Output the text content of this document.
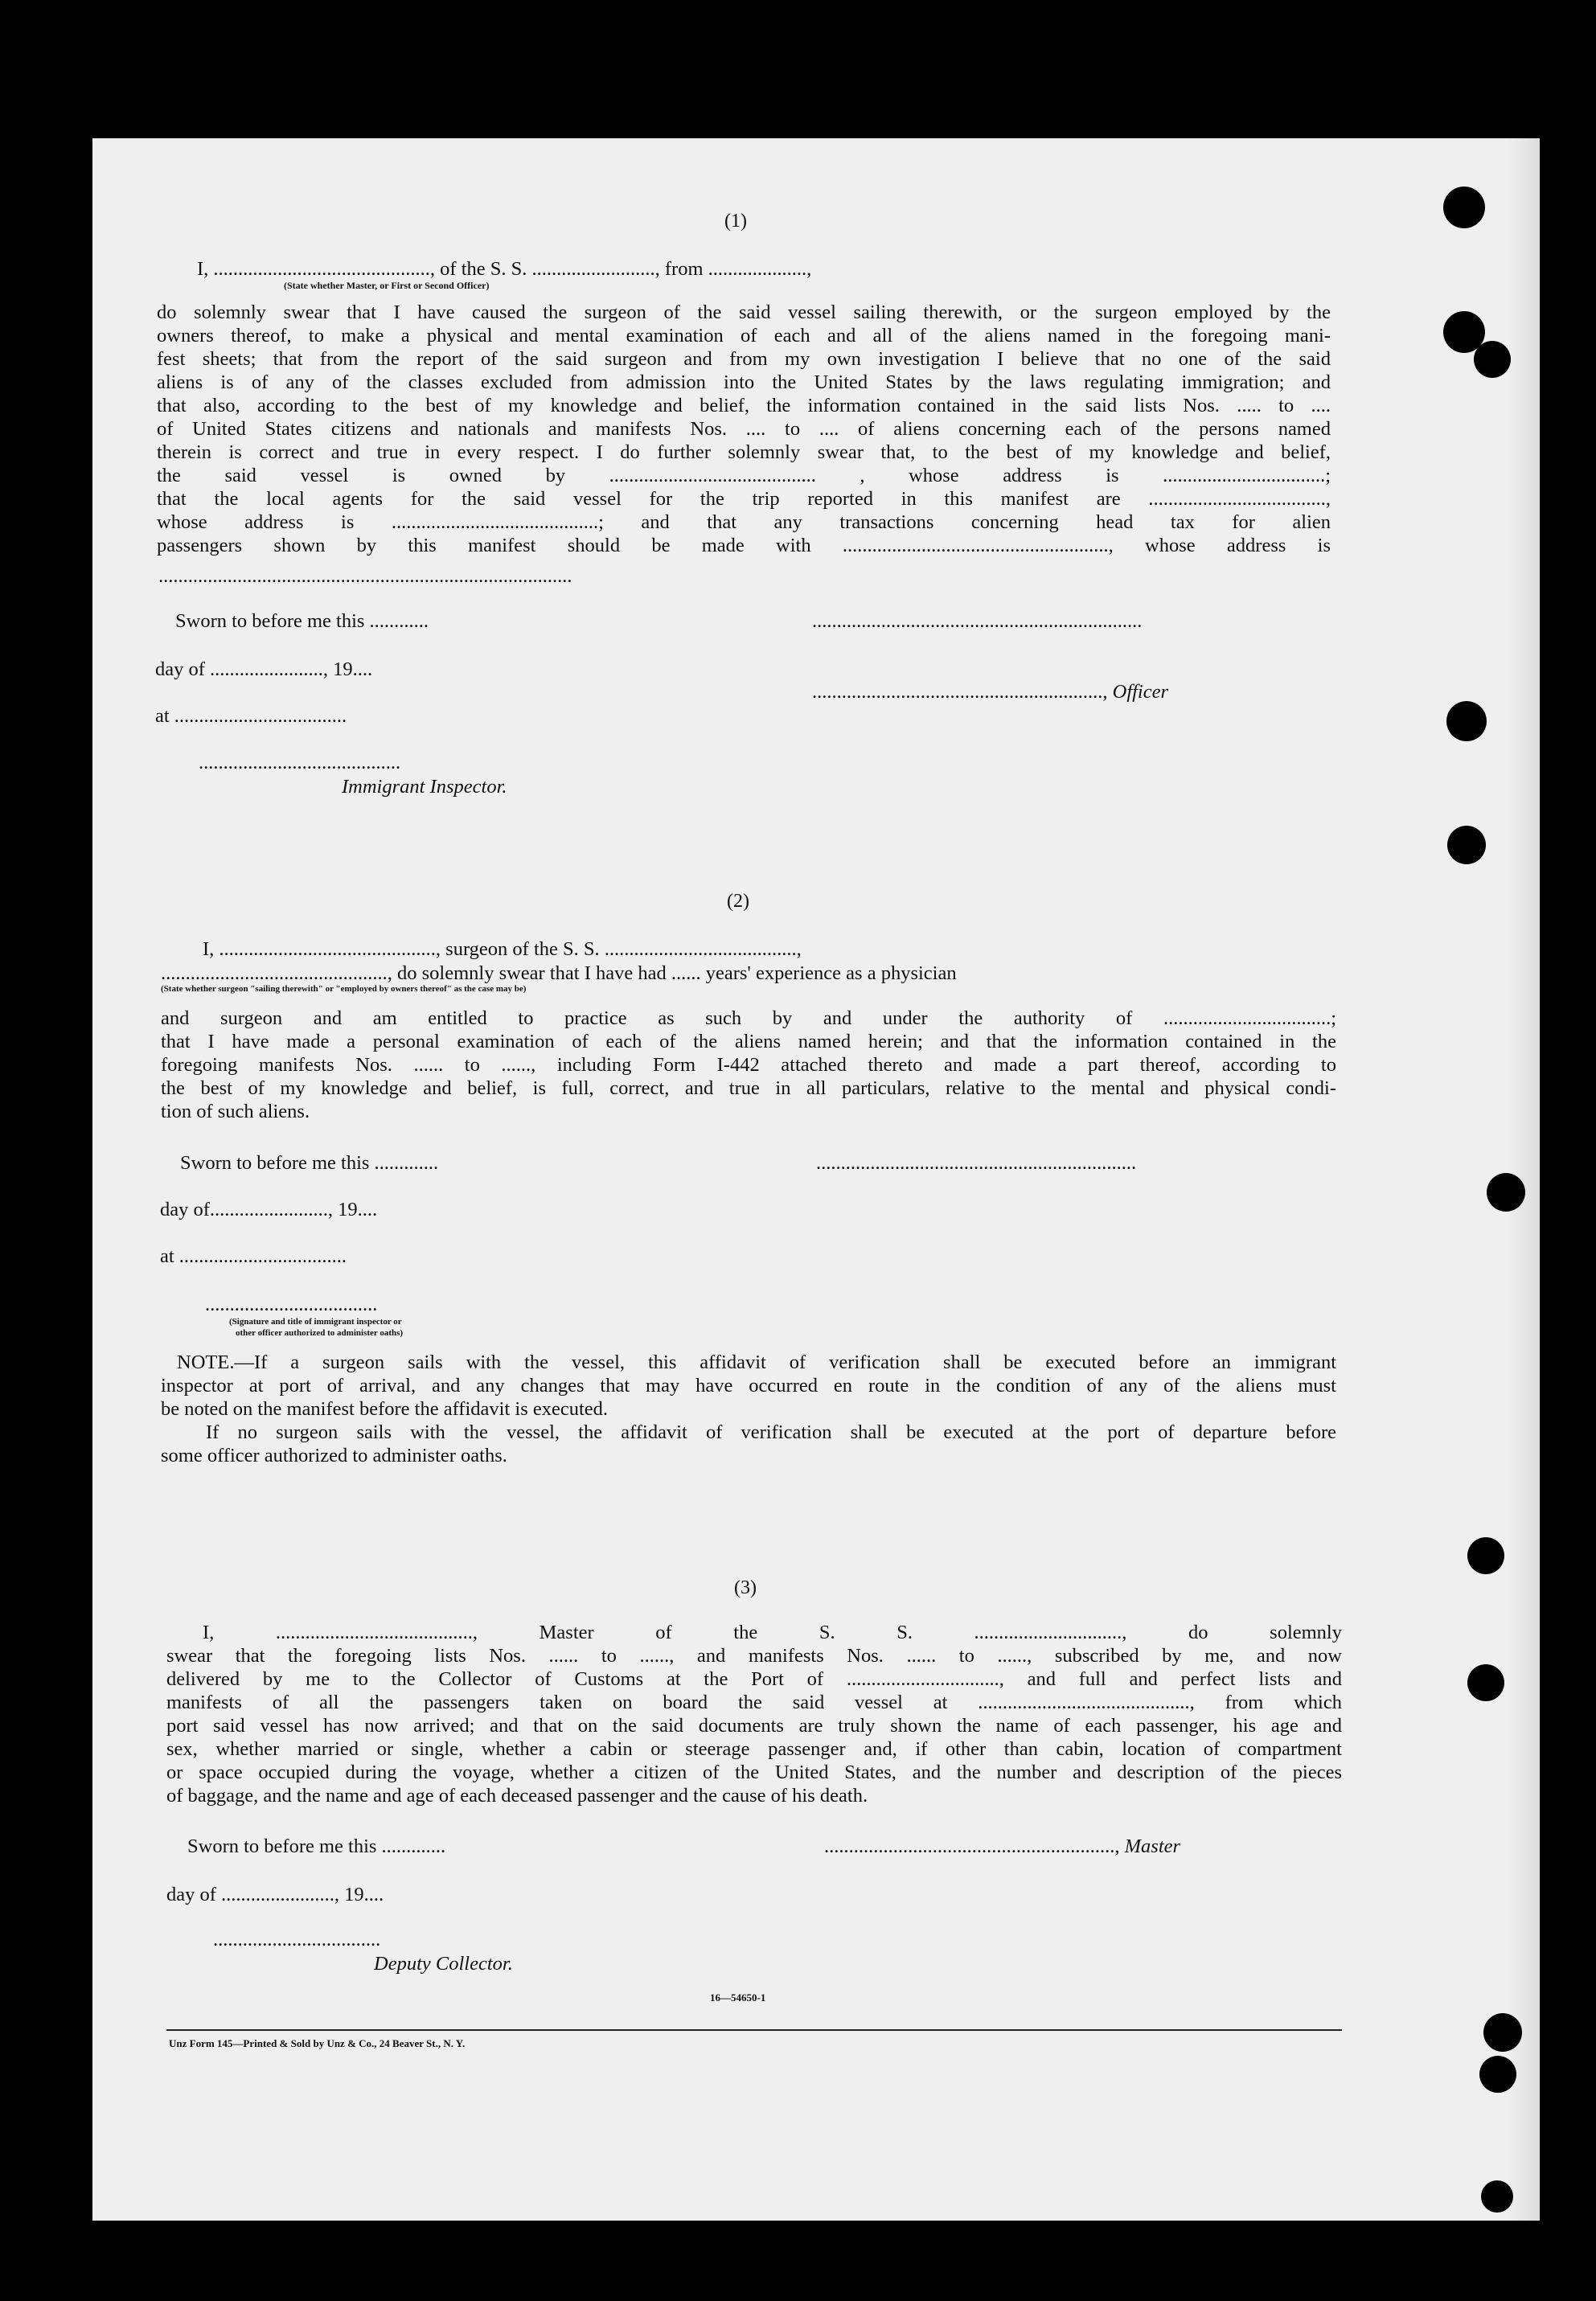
(1)
I, ............................................, of the S. S. ........................., from ....................,
(State whether Master, or First or Second Officer)
do solemnly swear that I have caused the surgeon of the said vessel sailing therewith, or the surgeon employed by the
owners thereof, to make a physical and mental examination of each and all of the aliens named in the foregoing mani-
fest sheets; that from the report of the said surgeon and from my own investigation I believe that no one of the said
aliens is of any of the classes excluded from admission into the United States by the laws regulating immigration; and
that also, according to the best of my knowledge and belief, the information contained in the said lists Nos. ..... to ....
of United States citizens and nationals and manifests Nos. .... to .... of aliens concerning each of the persons named
therein is correct and true in every respect. I do further solemnly swear that, to the best of my knowledge and belief,
the said vessel is owned by .......................................... , whose address is .................................;
that the local agents for the said vessel for the trip reported in this manifest are ....................................,
whose address is ..........................................; and that any transactions concerning head tax for alien
passengers shown by this manifest should be made with ......................................................, whose address is
....................................................................................
Sworn to before me this ............	...................................................................
day of ......................., 19....
..........................................................., Officer
at ...................................
.........................................
Immigrant Inspector.
(2)
I, ............................................, surgeon of the S. S. .......................................,
.............................................., do solemnly swear that I have had ...... years' experience as a physician
(State whether surgeon "sailing therewith" or "employed by owners thereof" as the case may be)
and surgeon and am entitled to practice as such by and under the authority of ..................................;
that I have made a personal examination of each of the aliens named herein; and that the information contained in the
foregoing manifests Nos. ...... to ......, including Form I-442 attached thereto and made a part thereof, according to
the best of my knowledge and belief, is full, correct, and true in all particulars, relative to the mental and physical condi-
tion of such aliens.
Sworn to before me this .............	.................................................................
day of........................, 19....
at ..................................
...................................
(Signature and title of immigrant inspector or
other officer authorized to administer oaths)
NOTE.—If a surgeon sails with the vessel, this affidavit of verification shall be executed before an immigrant
inspector at port of arrival, and any changes that may have occurred en route in the condition of any of the aliens must
be noted on the manifest before the affidavit is executed.
If no surgeon sails with the vessel, the affidavit of verification shall be executed at the port of departure before
some officer authorized to administer oaths.
(3)
I, ........................................, Master of the S. S. .............................., do solemnly
swear that the foregoing lists Nos. ...... to ......, and manifests Nos. ...... to ......, subscribed by me, and now
delivered by me to the Collector of Customs at the Port of ..............................., and full and perfect lists and
manifests of all the passengers taken on board the said vessel at ..........................................., from which
port said vessel has now arrived; and that on the said documents are truly shown the name of each passenger, his age and
sex, whether married or single, whether a cabin or steerage passenger and, if other than cabin, location of compartment
or space occupied during the voyage, whether a citizen of the United States, and the number and description of the pieces
of baggage, and the name and age of each deceased passenger and the cause of his death.
Sworn to before me this .............	..........................................................., Master
day of ......................., 19....
..................................
Deputy Collector.
16—54650-1
Unz Form 145—Printed & Sold by Unz & Co., 24 Beaver St., N. Y.
